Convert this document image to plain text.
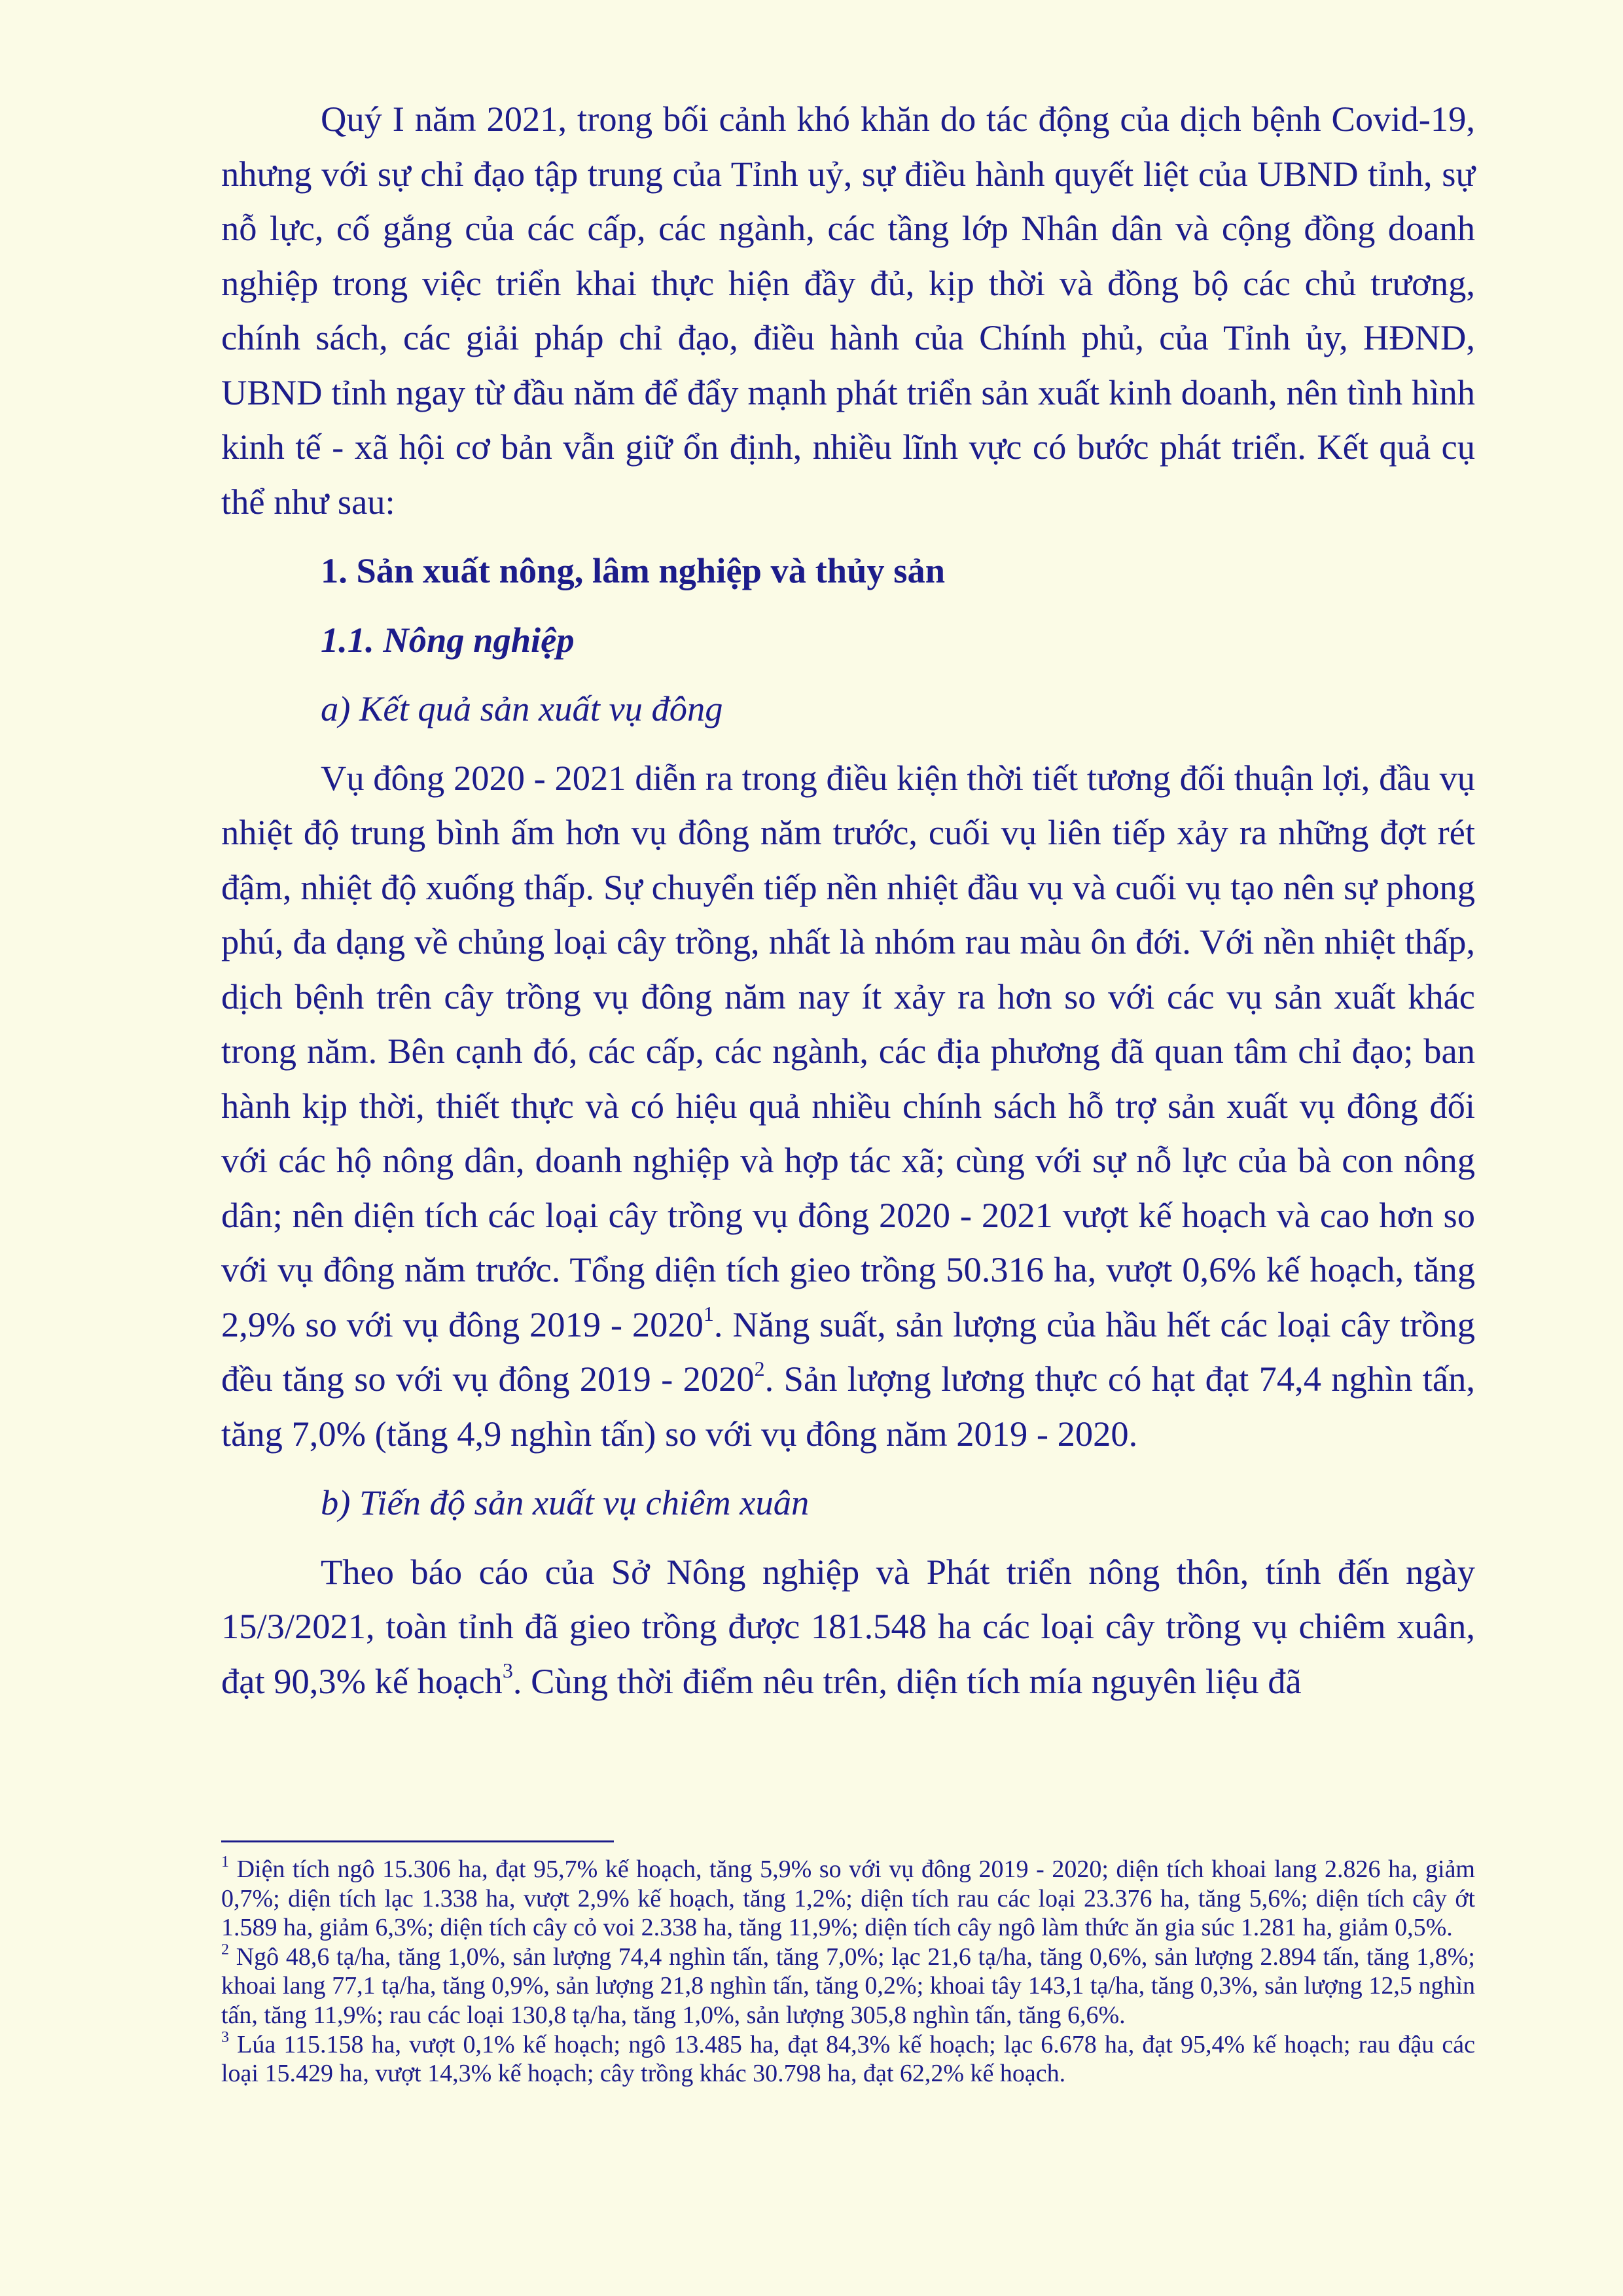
Quý I năm 2021, trong bối cảnh khó khăn do tác động của dịch bệnh Covid-19, nhưng với sự chỉ đạo tập trung của Tỉnh uỷ, sự điều hành quyết liệt của UBND tỉnh, sự nỗ lực, cố gắng của các cấp, các ngành, các tầng lớp Nhân dân và cộng đồng doanh nghiệp trong việc triển khai thực hiện đầy đủ, kịp thời và đồng bộ các chủ trương, chính sách, các giải pháp chỉ đạo, điều hành của Chính phủ, của Tỉnh ủy, HĐND, UBND tỉnh ngay từ đầu năm để đẩy mạnh phát triển sản xuất kinh doanh, nên tình hình kinh tế - xã hội cơ bản vẫn giữ ổn định, nhiều lĩnh vực có bước phát triển. Kết quả cụ thể như sau:

1. Sản xuất nông, lâm nghiệp và thủy sản

1.1. Nông nghiệp

a) Kết quả sản xuất vụ đông

Vụ đông 2020 - 2021 diễn ra trong điều kiện thời tiết tương đối thuận lợi, đầu vụ nhiệt độ trung bình ấm hơn vụ đông năm trước, cuối vụ liên tiếp xảy ra những đợt rét đậm, nhiệt độ xuống thấp. Sự chuyển tiếp nền nhiệt đầu vụ và cuối vụ tạo nên sự phong phú, đa dạng về chủng loại cây trồng, nhất là nhóm rau màu ôn đới. Với nền nhiệt thấp, dịch bệnh trên cây trồng vụ đông năm nay ít xảy ra hơn so với các vụ sản xuất khác trong năm. Bên cạnh đó, các cấp, các ngành, các địa phương đã quan tâm chỉ đạo; ban hành kịp thời, thiết thực và có hiệu quả nhiều chính sách hỗ trợ sản xuất vụ đông đối với các hộ nông dân, doanh nghiệp và hợp tác xã; cùng với sự nỗ lực của bà con nông dân; nên diện tích các loại cây trồng vụ đông 2020 - 2021 vượt kế hoạch và cao hơn so với vụ đông năm trước. Tổng diện tích gieo trồng 50.316 ha, vượt 0,6% kế hoạch, tăng 2,9% so với vụ đông 2019 - 2020$^1$. Năng suất, sản lượng của hầu hết các loại cây trồng đều tăng so với vụ đông 2019 - 2020$^2$. Sản lượng lương thực có hạt đạt 74,4 nghìn tấn, tăng 7,0% (tăng 4,9 nghìn tấn) so với vụ đông năm 2019 - 2020.

b) Tiến độ sản xuất vụ chiêm xuân

Theo báo cáo của Sở Nông nghiệp và Phát triển nông thôn, tính đến ngày 15/3/2021, toàn tỉnh đã gieo trồng được 181.548 ha các loại cây trồng vụ chiêm xuân, đạt 90,3% kế hoạch$^3$. Cùng thời điểm nêu trên, diện tích mía nguyên liệu đã

$^1$ Diện tích ngô 15.306 ha, đạt 95,7% kế hoạch, tăng 5,9% so với vụ đông 2019 - 2020; diện tích khoai lang 2.826 ha, giảm 0,7%; diện tích lạc 1.338 ha, vượt 2,9% kế hoạch, tăng 1,2%; diện tích rau các loại 23.376 ha, tăng 5,6%; diện tích cây ớt 1.589 ha, giảm 6,3%; diện tích cây cỏ voi 2.338 ha, tăng 11,9%; diện tích cây ngô làm thức ăn gia súc 1.281 ha, giảm 0,5%.

$^2$ Ngô 48,6 tạ/ha, tăng 1,0%, sản lượng 74,4 nghìn tấn, tăng 7,0%; lạc 21,6 tạ/ha, tăng 0,6%, sản lượng 2.894 tấn, tăng 1,8%; khoai lang 77,1 tạ/ha, tăng 0,9%, sản lượng 21,8 nghìn tấn, tăng 0,2%; khoai tây 143,1 tạ/ha, tăng 0,3%, sản lượng 12,5 nghìn tấn, tăng 11,9%; rau các loại 130,8 tạ/ha, tăng 1,0%, sản lượng 305,8 nghìn tấn, tăng 6,6%.

$^3$ Lúa 115.158 ha, vượt 0,1% kế hoạch; ngô 13.485 ha, đạt 84,3% kế hoạch; lạc 6.678 ha, đạt 95,4% kế hoạch; rau đậu các loại 15.429 ha, vượt 14,3% kế hoạch; cây trồng khác 30.798 ha, đạt 62,2% kế hoạch.
